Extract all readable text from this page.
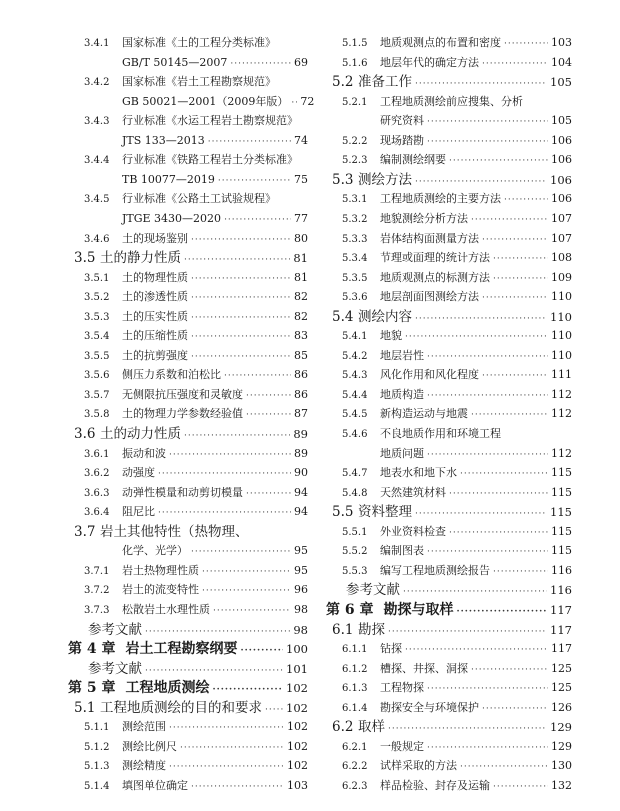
3.4.1	国家标准《土的工程分类标准》
GB/T 50145—2007 ·····	69
3.4.2	国家标准《岩土工程勘察规范》
GB 50021—2001（2009年版） ····· 72
3.4.3	行业标准《水运工程岩土勘察规范》
JTS 133—2013 ·····	74
3.4.4	行业标准《铁路工程岩土分类标准》
TB 10077—2019 ·····	75
3.4.5	行业标准《公路土工试验规程》
JTGE 3430—2020 ·····	77
3.4.6	土的现场鉴别 ·····	80
3.5 土的静力性质 ·····	81
3.5.1	土的物理性质 ·····	81
3.5.2	土的渗透性质 ·····	82
3.5.3	土的压实性质 ·····	82
3.5.4	土的压缩性质 ·····	83
3.5.5	土的抗剪强度 ·····	85
3.5.6	侧压力系数和泊松比 ·····	86
3.5.7	无侧限抗压强度和灵敏度 ·····	86
3.5.8	土的物理力学参数经验值 ·····	87
3.6 土的动力性质 ·····	89
3.6.1	振动和波 ·····	89
3.6.2	动强度 ·····	90
3.6.3	动弹性模量和动剪切模量 ·····	94
3.6.4	阻尼比 ·····	94
3.7 岩土其他特性（热物理、
化学、光学） ·····	95
3.7.1	岩土热物理性质 ·····	95
3.7.2	岩土的流变特性 ·····	96
3.7.3	松散岩土水理性质 ·····	98
参考文献 ·····	98
第 4 章 岩土工程勘察纲要 ·····	100
参考文献 ·····	101
第 5 章 工程地质测绘 ·····	102
5.1 工程地质测绘的目的和要求 ····· 102
5.1.1	测绘范围 ·····	102
5.1.2	测绘比例尺 ·····	102
5.1.3	测绘精度 ·····	102
5.1.4	填图单位确定 ·····	103
5.1.5	地质观测点的布置和密度 ·····	103
5.1.6	地层年代的确定方法 ·····	104
5.2 准备工作 ·····	105
5.2.1	工程地质测绘前应搜集、分析
研究资料 ·····	105
5.2.2	现场踏勘 ·····	106
5.2.3	编制测绘纲要 ·····	106
5.3 测绘方法 ·····	106
5.3.1	工程地质测绘的主要方法 ·····	106
5.3.2	地貌测绘分析方法 ·····	107
5.3.3	岩体结构面测量方法 ·····	107
5.3.4	节理或面理的统计方法 ·····	108
5.3.5	地质观测点的标测方法 ·····	109
5.3.6	地层剖面图测绘方法 ·····	110
5.4 测绘内容 ·····	110
5.4.1	地貌 ·····	110
5.4.2	地层岩性 ·····	110
5.4.3	风化作用和风化程度 ·····	111
5.4.4	地质构造 ·····	112
5.4.5	新构造运动与地震 ·····	112
5.4.6	不良地质作用和环境工程
地质问题 ·····	112
5.4.7	地表水和地下水 ·····	115
5.4.8	天然建筑材料 ·····	115
5.5 资料整理 ·····	115
5.5.1	外业资料检查 ·····	115
5.5.2	编制图表 ·····	115
5.5.3	编写工程地质测绘报告 ·····	116
参考文献 ·····	116
第 6 章 勘探与取样 ·····	117
6.1 勘探 ·····	117
6.1.1	钻探 ·····	117
6.1.2	槽探、井探、洞探 ·····	125
6.1.3	工程物探 ·····	125
6.1.4	勘探安全与环境保护 ·····	126
6.2 取样 ·····	129
6.2.1	一般规定 ·····	129
6.2.2	试样采取的方法 ·····	130
6.2.3	样品检验、封存及运输 ·····	132
